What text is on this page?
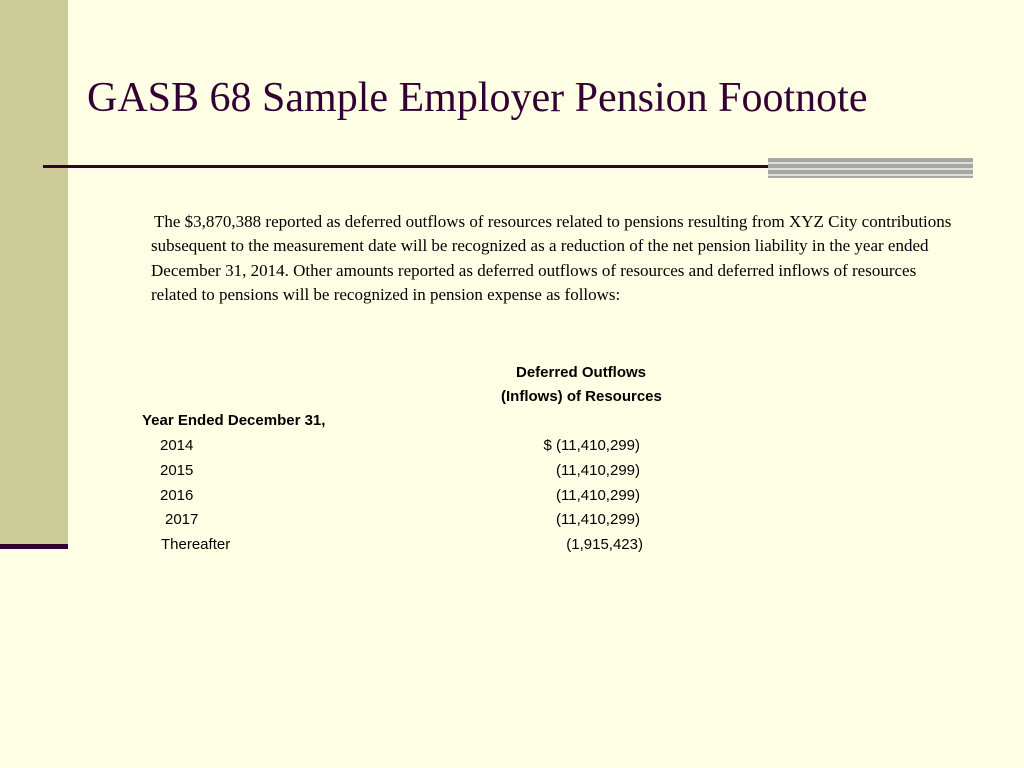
GASB 68 Sample Employer Pension Footnote

The $3,870,388 reported as deferred outflows of resources related to pensions resulting from XYZ City contributions subsequent to the measurement date will be recognized as a reduction of the net pension liability in the year ended December 31, 2014. Other amounts reported as deferred outflows of resources and deferred inflows of resources related to pensions will be recognized in pension expense as follows:

Deferred Outflows
(Inflows) of Resources
Year Ended December 31,
2014	$ (11,410,299)
2015	(11,410,299)
2016	(11,410,299)
2017	(11,410,299)
Thereafter	(1,915,423)
